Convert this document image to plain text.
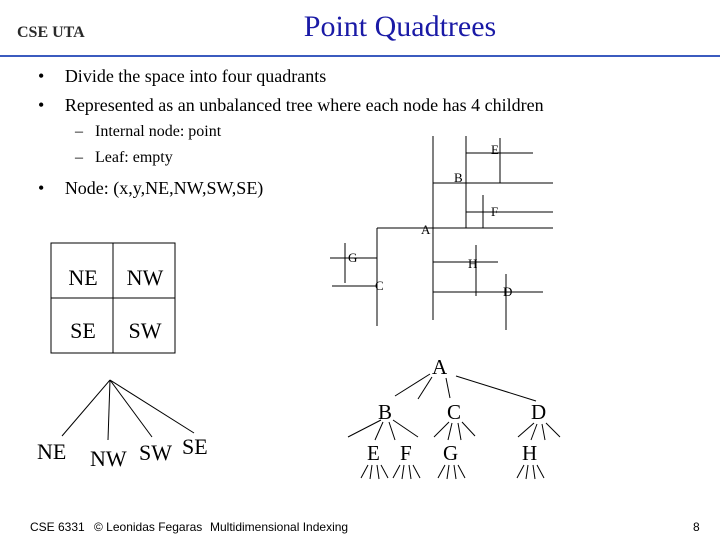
CSE UTA	Point Quadtrees
• Divide the space into four quadrants
• Represented as an unbalanced tree where each node has 4 children
– Internal node: point
– Leaf: empty
• Node: (x,y,NE,NW,SW,SE)
NE	NW
SE	SW
E
B
F
A
G	H
C	D
NE NW SW SE
A
B	C	D
E F G	H
CSE 6331 © Leonidas Fegaras Multidimensional Indexing	8
